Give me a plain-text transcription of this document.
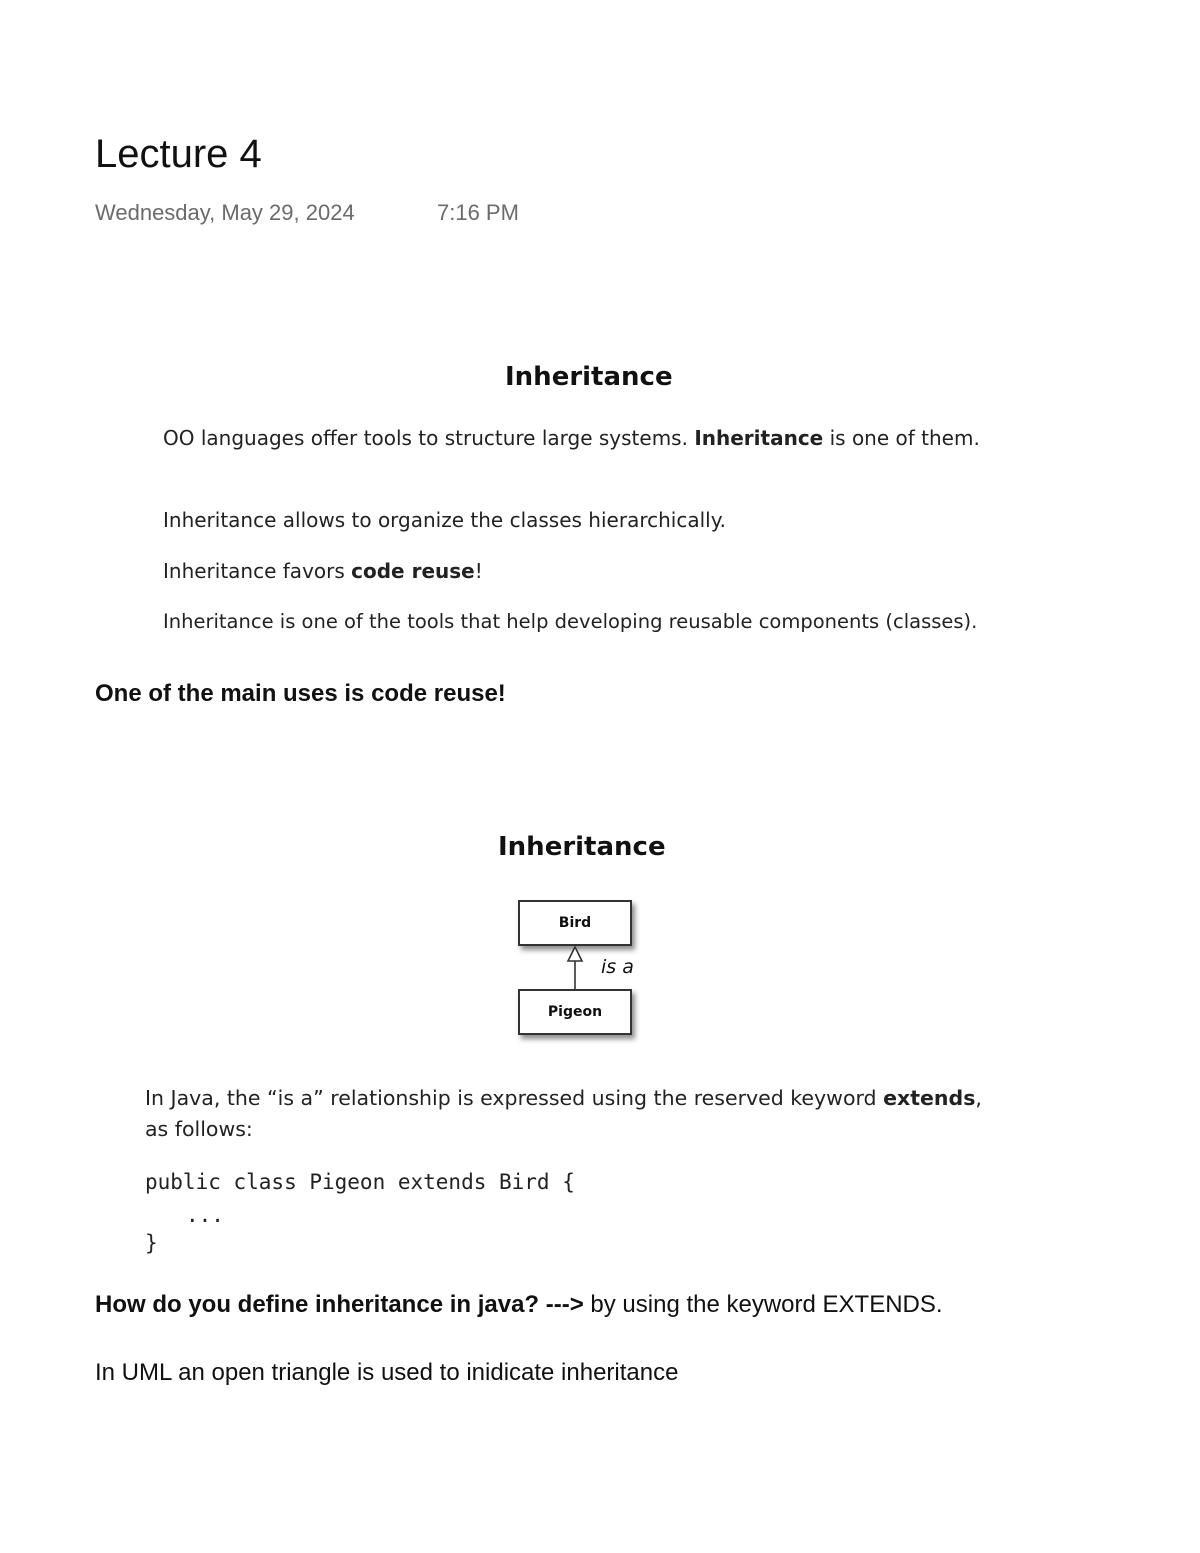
Lecture 4
Wednesday, May 29, 2024	7:16 PM
Inheritance
OO languages offer tools to structure large systems. Inheritance is one of them.
Inheritance allows to organize the classes hierarchically.
Inheritance favors code reuse!
Inheritance is one of the tools that help developing reusable components (classes).
One of the main uses is code reuse!
Inheritance
Bird
is a
Pigeon
In Java, the “is a” relationship is expressed using the reserved keyword extends,
as follows:
public class Pigeon extends Bird {
...
}
How do you define inheritance in java? ---> by using the keyword EXTENDS.
In UML an open triangle is used to inidicate inheritance
